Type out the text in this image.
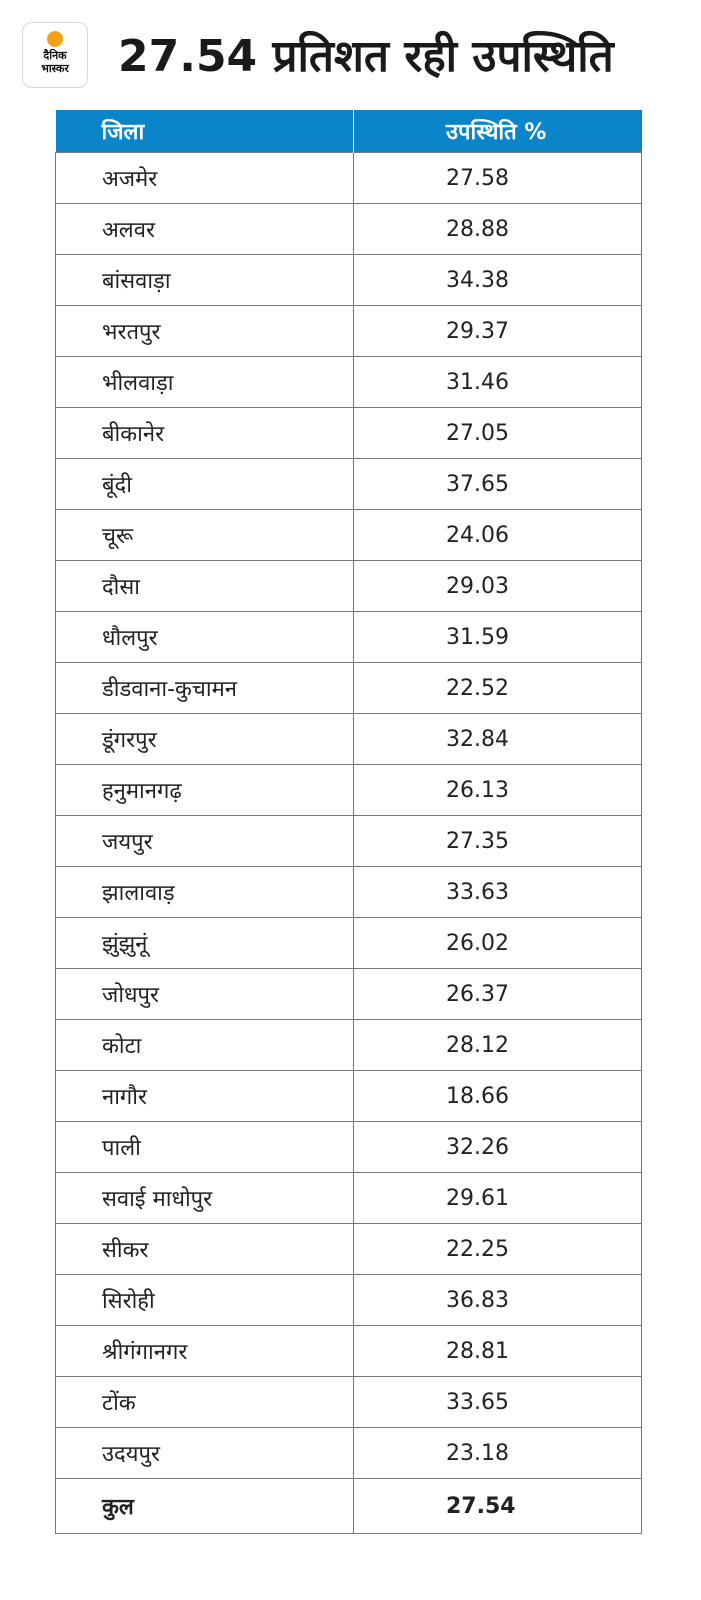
दैनिक
भास्कर	27.54 प्रतिशत रही उपस्थिति
जिला	उपस्थिति %
अजमेर	27.58
अलवर	28.88
बांसवाड़ा	34.38
भरतपुर	29.37
भीलवाड़ा	31.46
बीकानेर	27.05
बूंदी	37.65
चूरू	24.06
दौसा	29.03
धौलपुर	31.59
डीडवाना-कुचामन	22.52
डूंगरपुर	32.84
हनुमानगढ़	26.13
जयपुर	27.35
झालावाड़	33.63
झुंझुनूं	26.02
जोधपुर	26.37
कोटा	28.12
नागौर	18.66
पाली	32.26
सवाई माधोपुर	29.61
सीकर	22.25
सिरोही	36.83
श्रीगंगानगर	28.81
टोंक	33.65
उदयपुर	23.18
कुल	27.54
